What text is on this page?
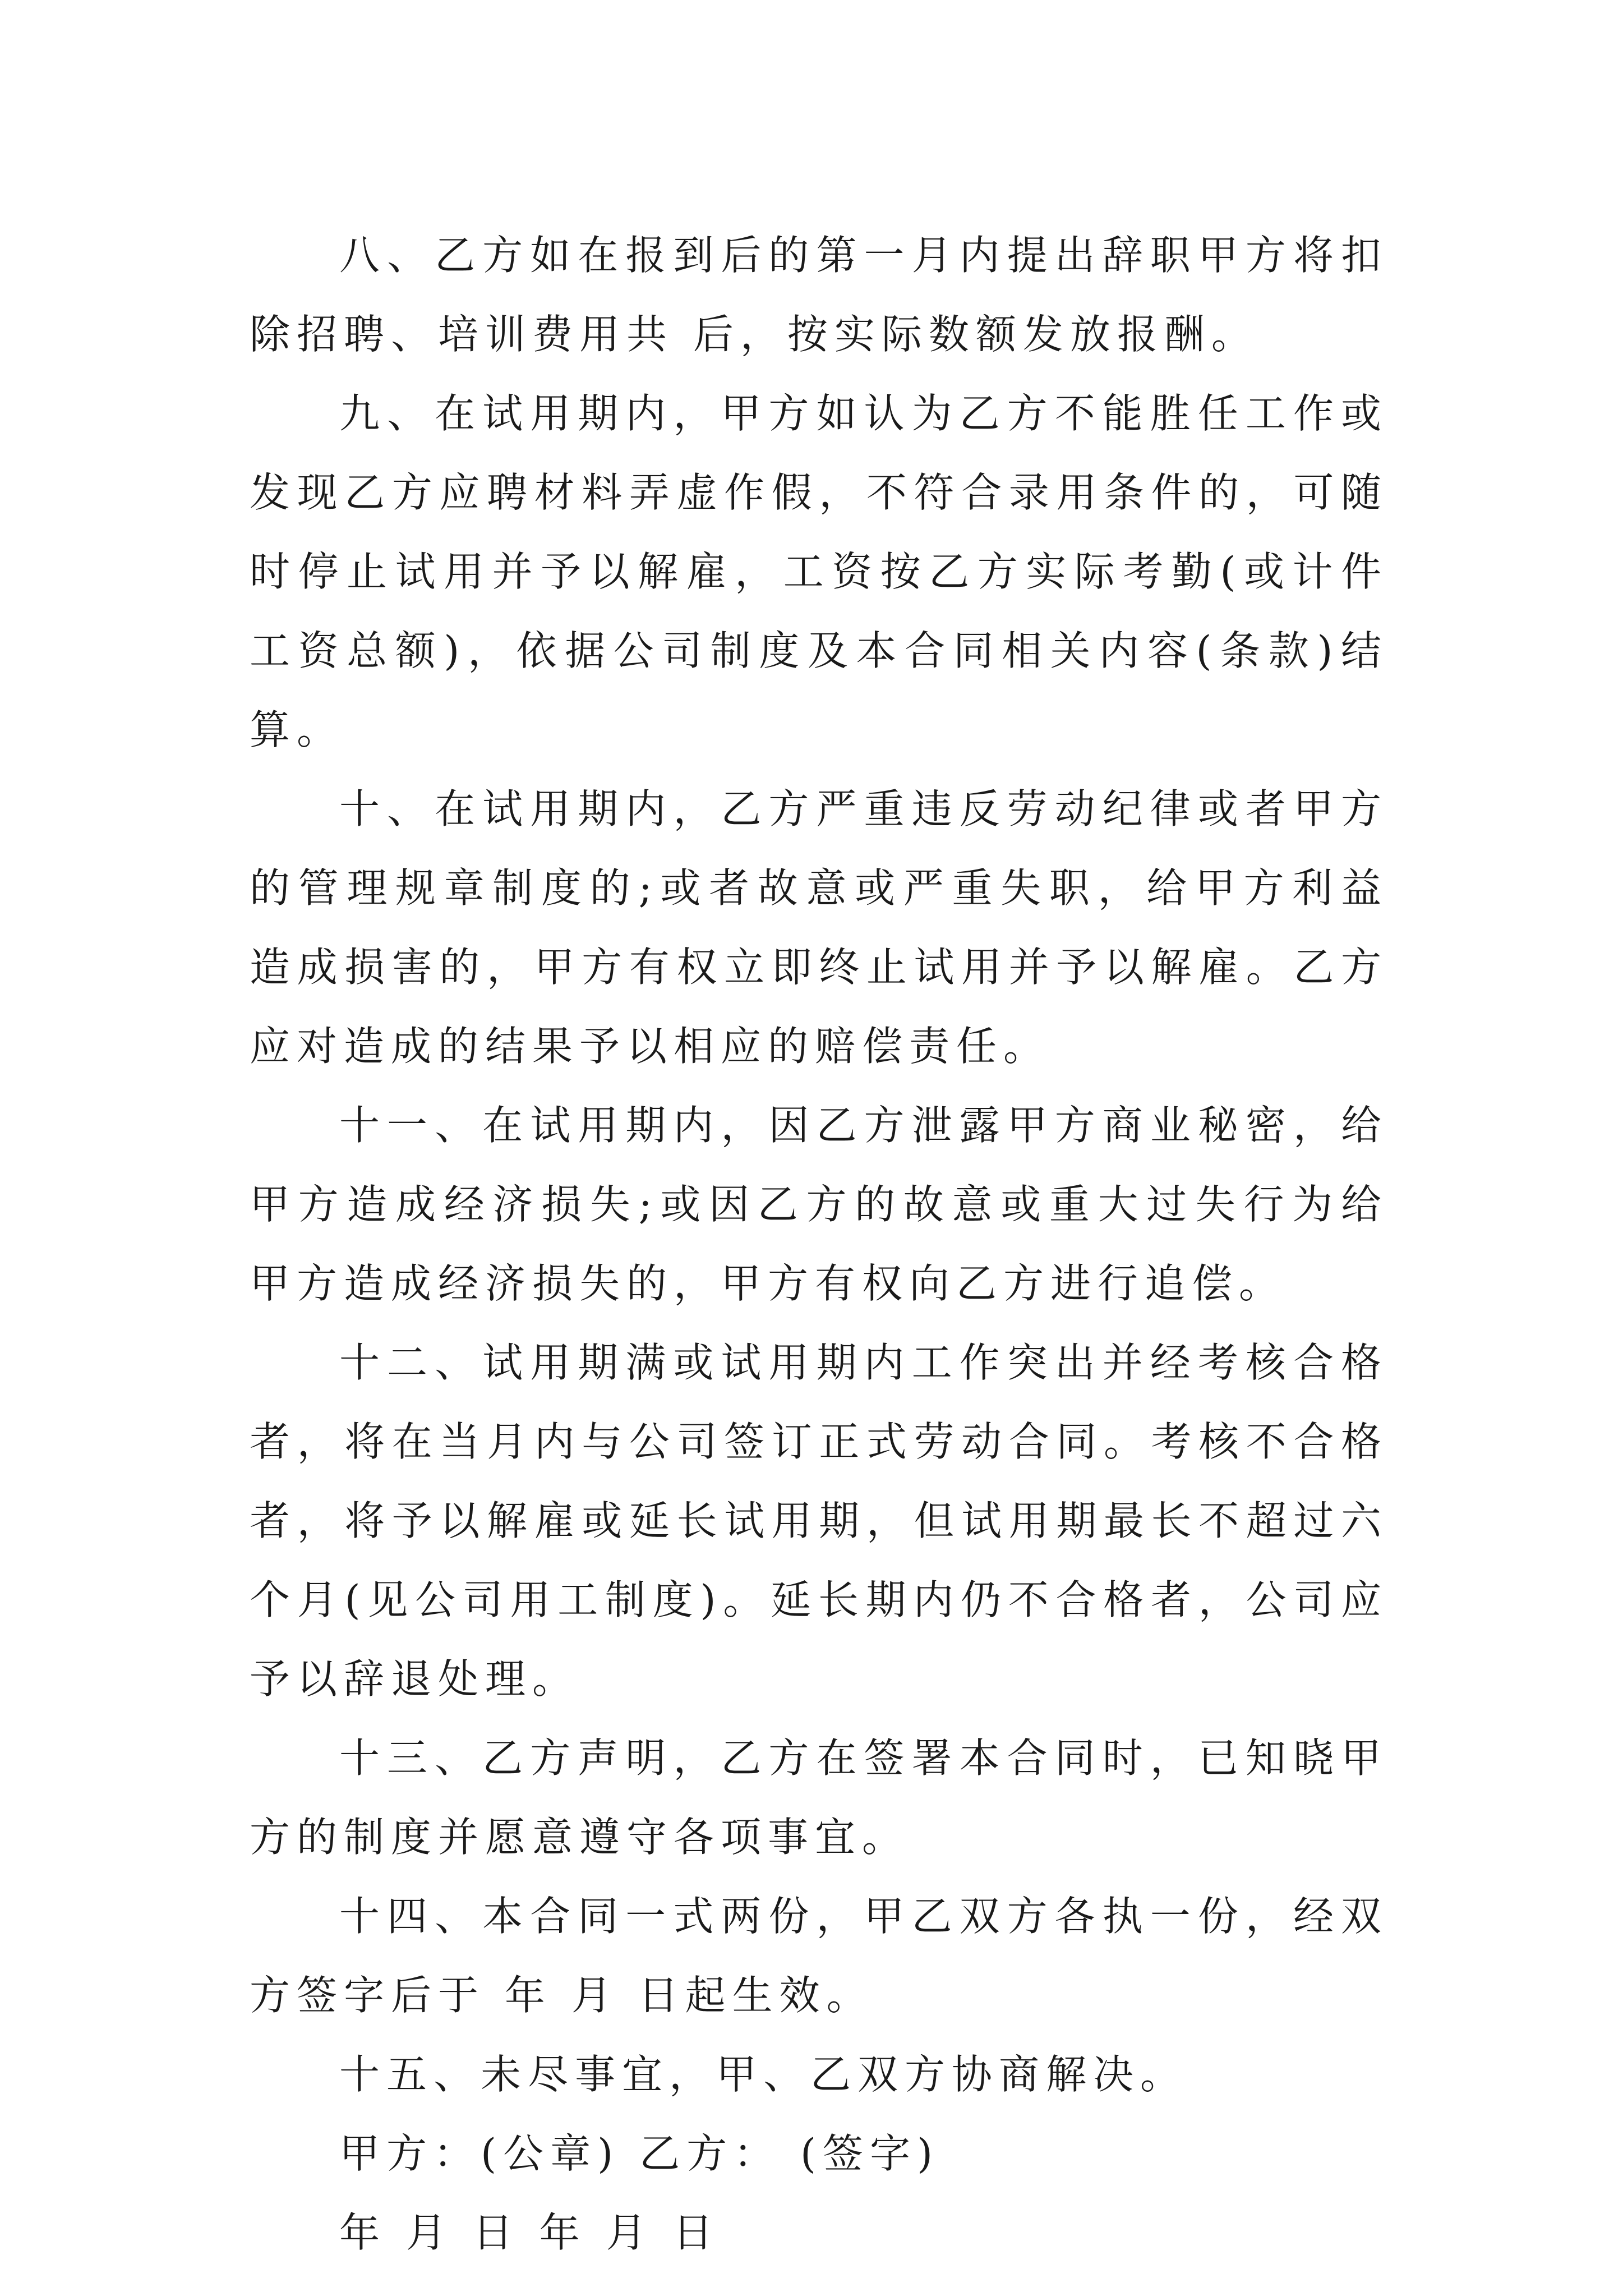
八、乙方如在报到后的第一月内提出辞职甲方将扣除招聘、培训费用共 后，按实际数额发放报酬。

九、在试用期内，甲方如认为乙方不能胜任工作或发现乙方应聘材料弄虚作假，不符合录用条件的，可随时停止试用并予以解雇，工资按乙方实际考勤(或计件工资总额)，依据公司制度及本合同相关内容(条款)结算。

十、在试用期内，乙方严重违反劳动纪律或者甲方的管理规章制度的;或者故意或严重失职，给甲方利益造成损害的，甲方有权立即终止试用并予以解雇。乙方应对造成的结果予以相应的赔偿责任。

十一、在试用期内，因乙方泄露甲方商业秘密，给甲方造成经济损失;或因乙方的故意或重大过失行为给甲方造成经济损失的，甲方有权向乙方进行追偿。

十二、试用期满或试用期内工作突出并经考核合格者，将在当月内与公司签订正式劳动合同。考核不合格者，将予以解雇或延长试用期，但试用期最长不超过六个月(见公司用工制度)。延长期内仍不合格者，公司应予以辞退处理。

十三、乙方声明，乙方在签署本合同时，已知晓甲方的制度并愿意遵守各项事宜。

十四、本合同一式两份，甲乙双方各执一份，经双方签字后于 年 月 日起生效。

十五、未尽事宜，甲、乙双方协商解决。

甲方：(公章) 乙方： (签字)

年 月 日 年 月 日
